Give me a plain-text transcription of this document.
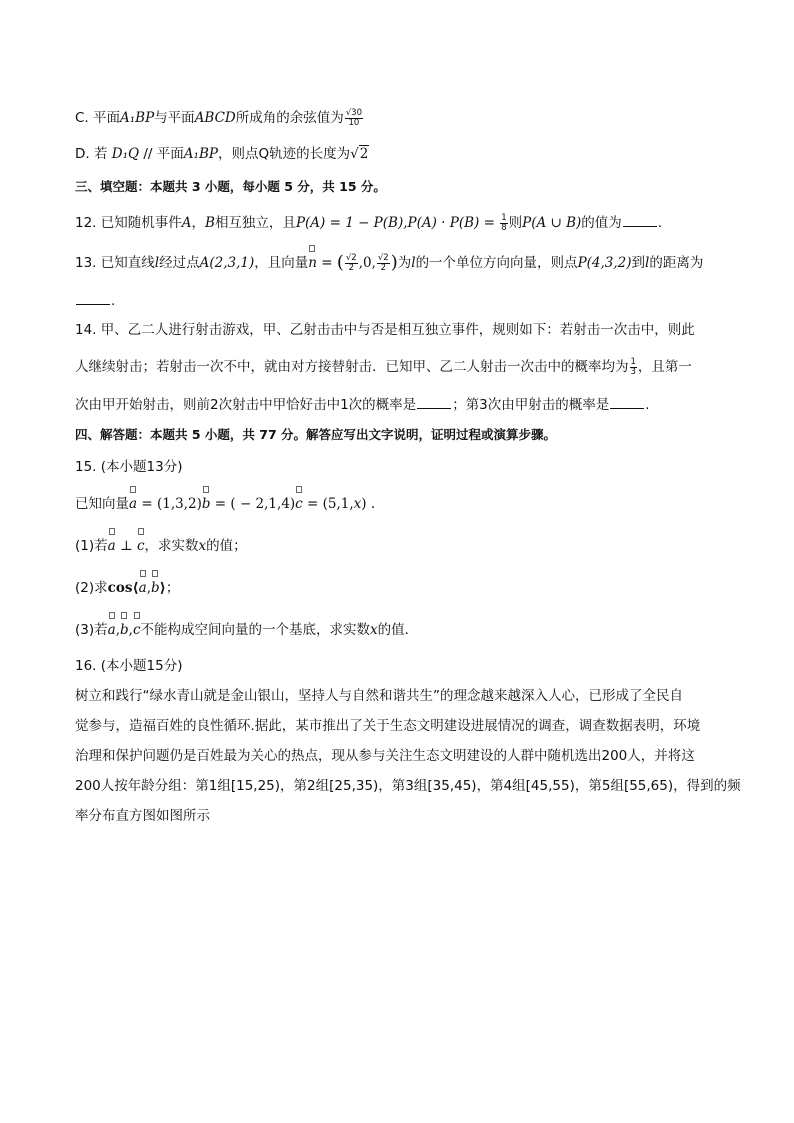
C. 平面A₁BP与平面ABCD所成角的余弦值为 $\frac{√30}{10}$
D. 若 D₁Q // 平面A₁BP，则点Q轨迹的长度为√2
三、填空题：本题共 3 小题，每小题 5 分，共 15 分。
12. 已知随机事件A，B相互独立，且$P(A) = 1 - P(B),P(A) \cdot P(B) = \frac{1}{8}$ 则P(A ∪ B)的值为	.
13. 已知直线l经过点A(2,3,1)，且向量
n = ( $\frac{√2}{2} ,0$, $\frac{√2}{2}$ )为l的一个单位方向向量，则点P(4,3,2)到l的距离为
.
14. 甲、乙二人进行射击游戏，甲、乙射击击中与否是相互独立事件，规则如下：若射击一次击中，则此
人继续射击；若射击一次不中，就由对方接替射击．已知甲、乙二人射击一次击中的概率均为 $\frac{1}{3}$ ，且第一
次由甲开始射击，则前2次射击中甲恰好击中1次的概率是	；第3次由甲射击的概率是	.
四、解答题：本题共 5 小题，共 77 分。解答应写出文字说明，证明过程或演算步骤。
15. (本小题13分)
已知向量
a = (1,3,2)
b = ( − 2,1,4)
c = (5,1,x) .
(1)若
a ⊥
c，求实数x的值；
(2)求cos⟨
a,
b⟩；
(3)若
a,
b,
c不能构成空间向量的一个基底，求实数x的值．
16. (本小题15分)
树立和践行“绿水青山就是金山银山，坚持人与自然和谐共生”的理念越来越深入人心，已形成了全民自
觉参与，造福百姓的良性循环.据此，某市推出了关于生态文明建设进展情况的调查，调查数据表明，环境
治理和保护问题仍是百姓最为关心的热点，现从参与关注生态文明建设的人群中随机选出200人，并将这
200人按年龄分组：第1组[15,25)，第2组[25,35)，第3组[35,45)，第4组[45,55)，第5组[55,65)，得到的频
率分布直方图如图所示
